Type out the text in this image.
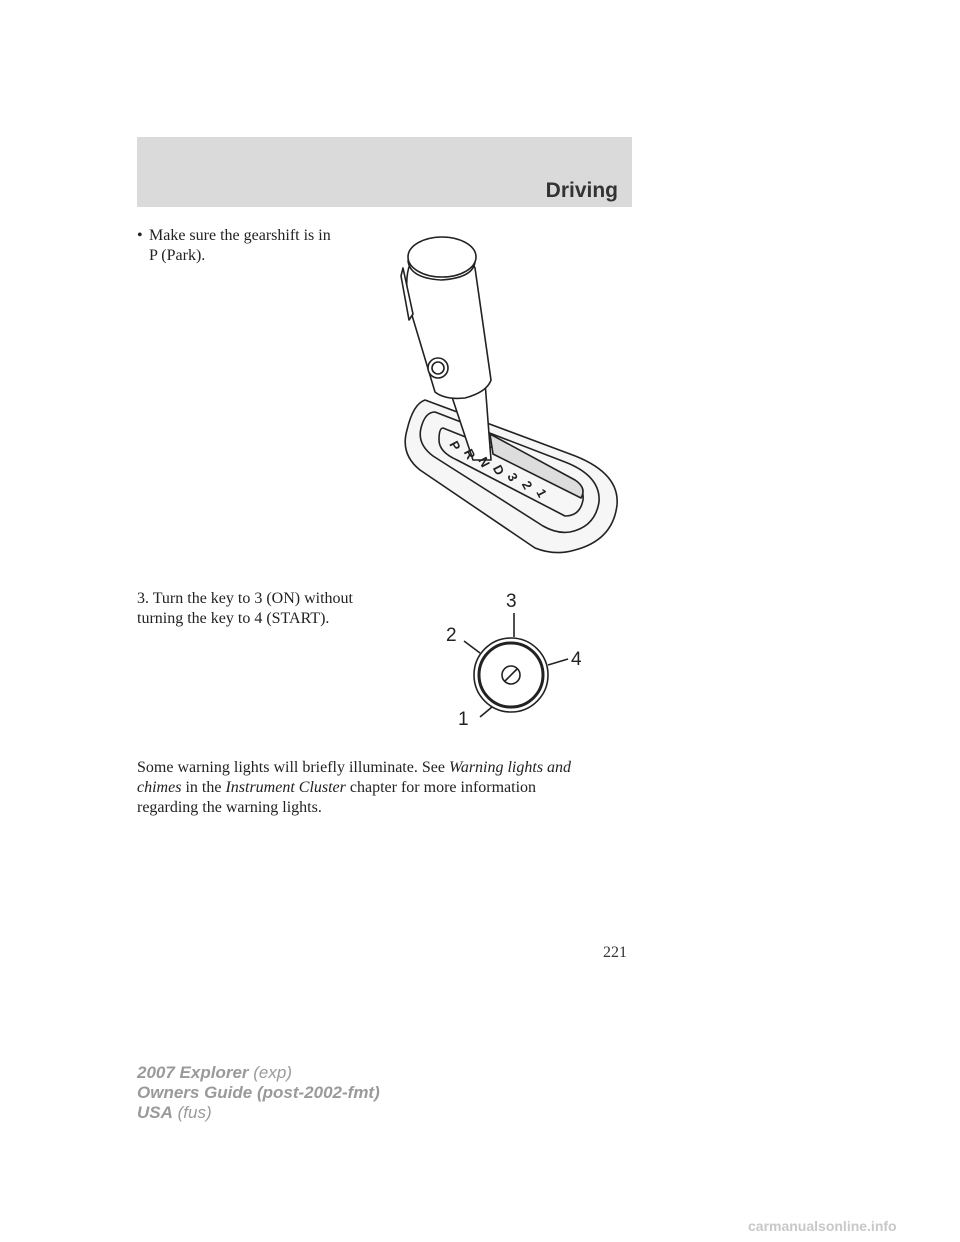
Driving
• Make sure the gearshift is in
P (Park).
P
R
N
D
3
2
1
3. Turn the key to 3 (ON) without
turning the key to 4 (START).
3
2
4
1
Some warning lights will briefly illuminate. See Warning lights and chimes in the Instrument Cluster chapter for more information regarding the warning lights.
221
2007 Explorer (exp)
Owners Guide (post-2002-fmt)
USA (fus)
carmanualsonline.info
